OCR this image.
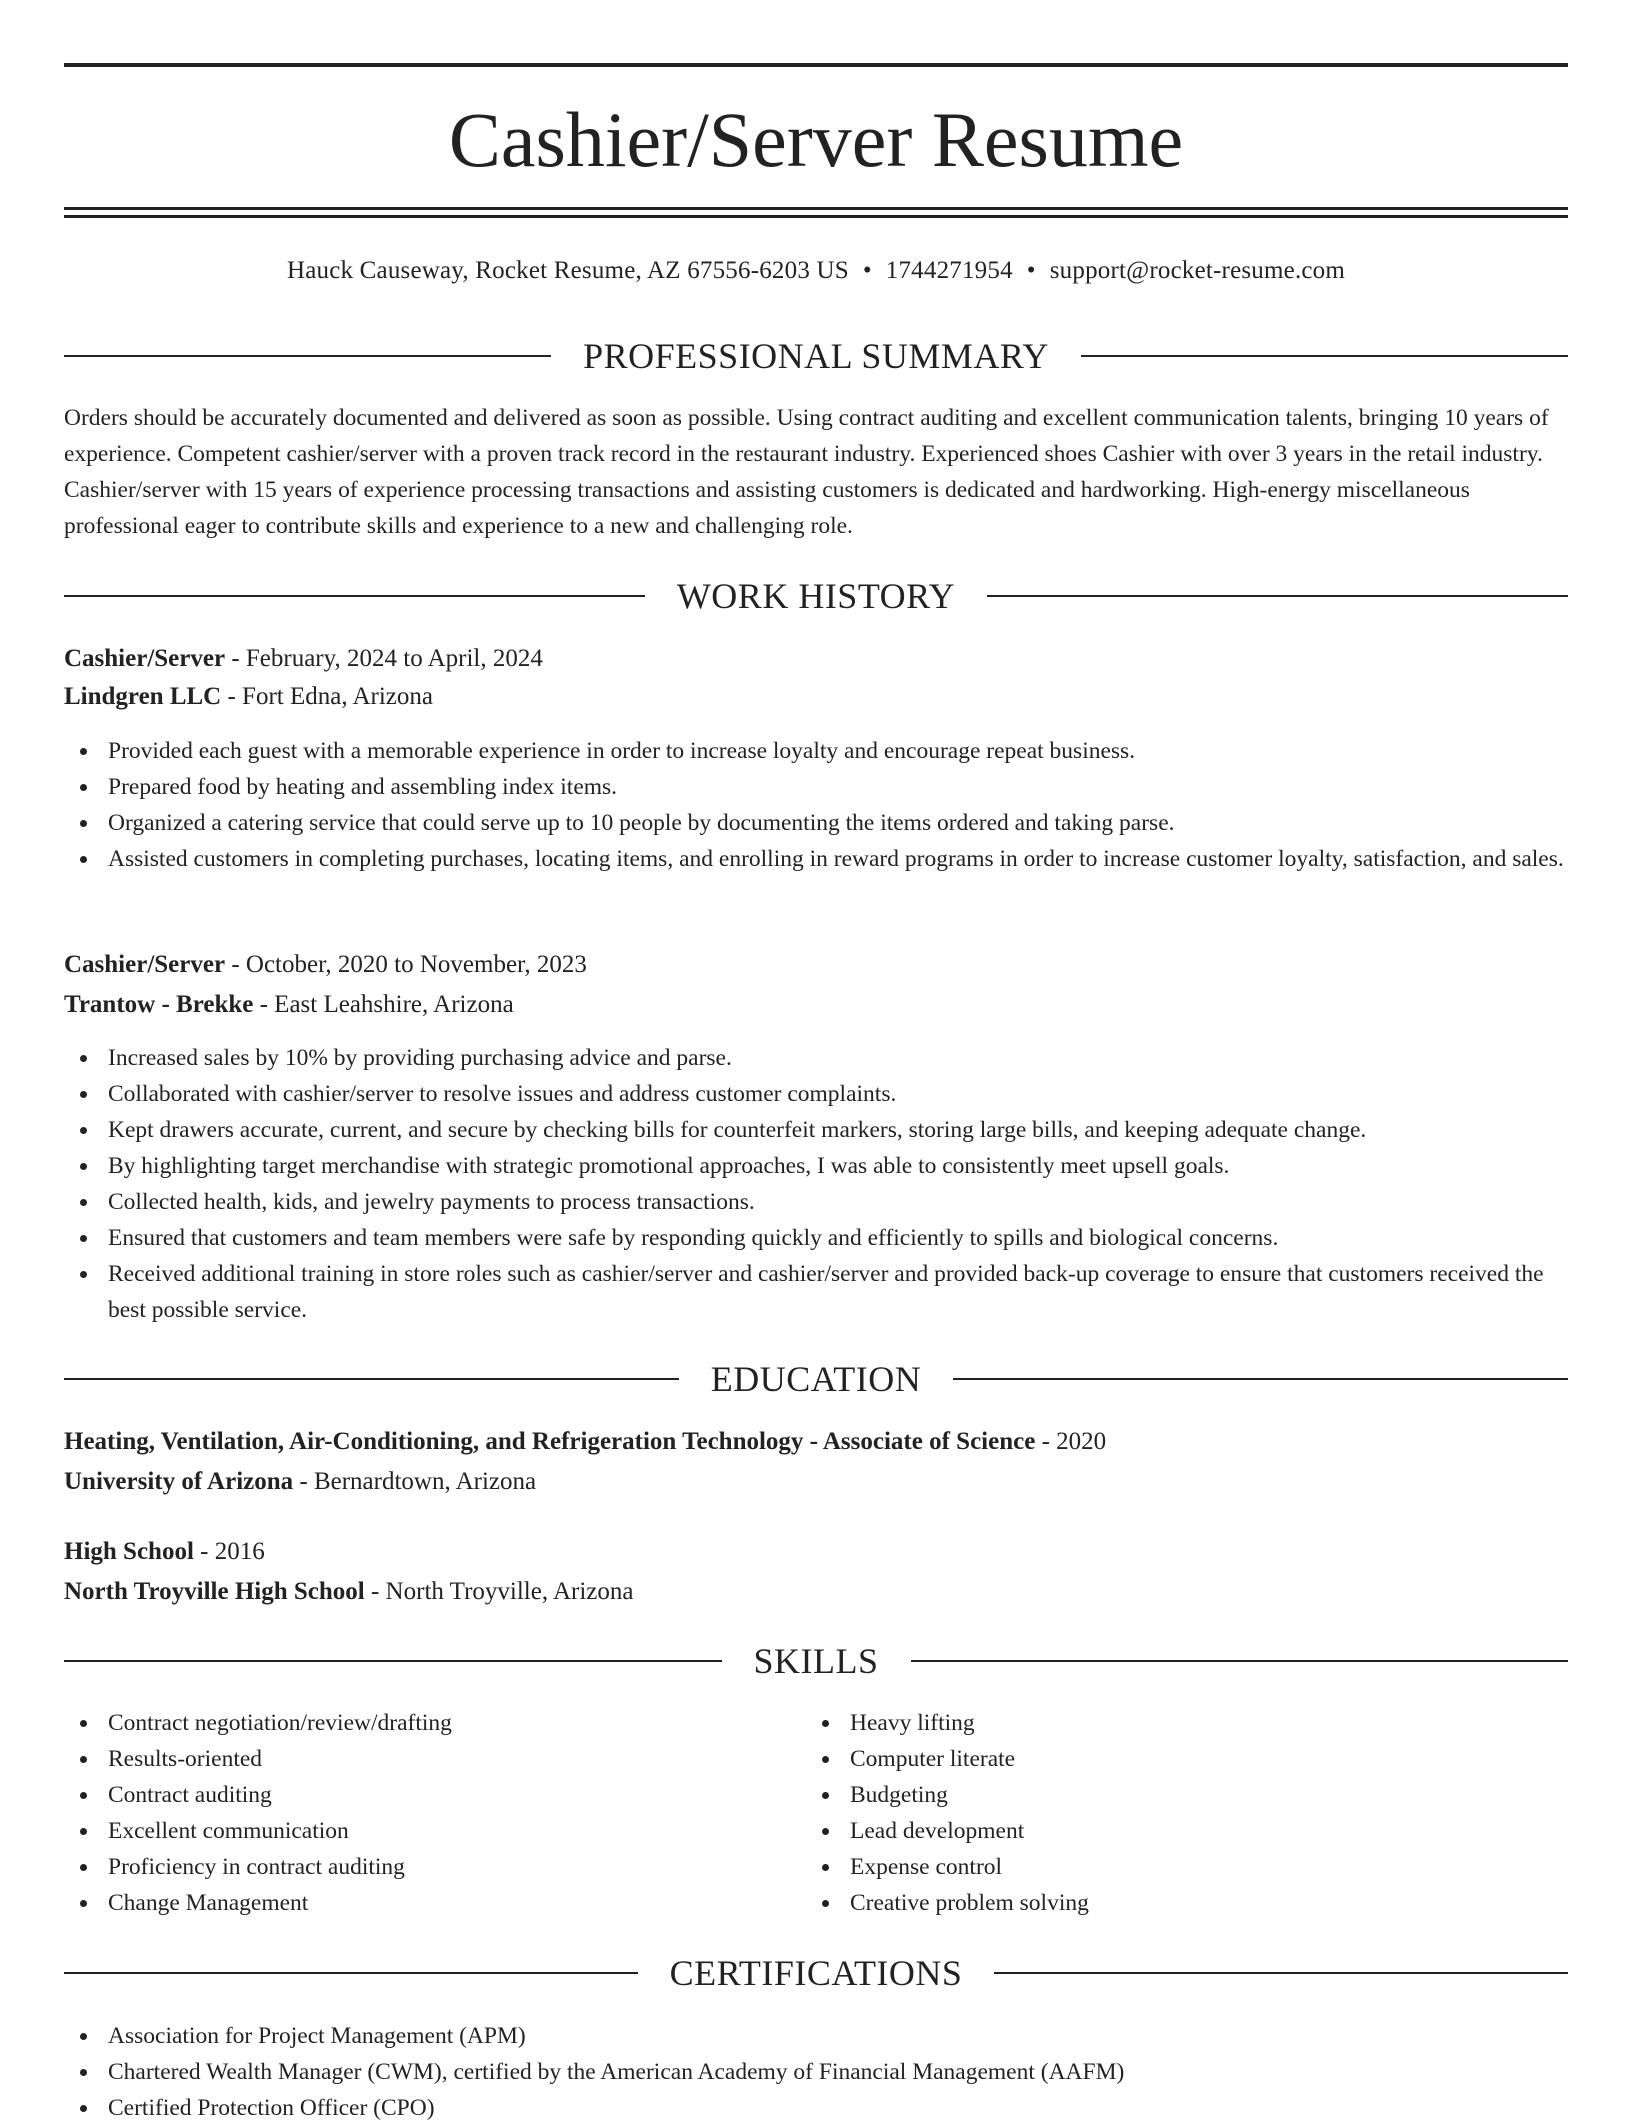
Cashier/Server Resume
Hauck Causeway, Rocket Resume, AZ 67556-6203 US • 1744271954 • support@rocket-resume.com
PROFESSIONAL SUMMARY

Orders should be accurately documented and delivered as soon as possible. Using contract auditing and excellent communication talents, bringing 10 years of experience. Competent cashier/server with a proven track record in the restaurant industry. Experienced shoes Cashier with over 3 years in the retail industry. Cashier/server with 15 years of experience processing transactions and assisting customers is dedicated and hardworking. High-energy miscellaneous professional eager to contribute skills and experience to a new and challenging role.

WORK HISTORY
Cashier/Server - February, 2024 to April, 2024
Lindgren LLC - Fort Edna, Arizona
Provided each guest with a memorable experience in order to increase loyalty and encourage repeat business.
Prepared food by heating and assembling index items.
Organized a catering service that could serve up to 10 people by documenting the items ordered and taking parse.
Assisted customers in completing purchases, locating items, and enrolling in reward programs in order to increase customer loyalty, satisfaction, and sales.
Cashier/Server - October, 2020 to November, 2023
Trantow - Brekke - East Leahshire, Arizona
Increased sales by 10% by providing purchasing advice and parse.
Collaborated with cashier/server to resolve issues and address customer complaints.
Kept drawers accurate, current, and secure by checking bills for counterfeit markers, storing large bills, and keeping adequate change.
By highlighting target merchandise with strategic promotional approaches, I was able to consistently meet upsell goals.
Collected health, kids, and jewelry payments to process transactions.
Ensured that customers and team members were safe by responding quickly and efficiently to spills and biological concerns.
Received additional training in store roles such as cashier/server and cashier/server and provided back-up coverage to ensure that customers received the best possible service.
EDUCATION
Heating, Ventilation, Air-Conditioning, and Refrigeration Technology - Associate of Science - 2020
University of Arizona - Bernardtown, Arizona
High School - 2016
North Troyville High School - North Troyville, Arizona
SKILLS
Contract negotiation/review/drafting
Results-oriented
Contract auditing
Excellent communication
Proficiency in contract auditing
Change Management
Heavy lifting
Computer literate
Budgeting
Lead development
Expense control
Creative problem solving
CERTIFICATIONS
Association for Project Management (APM)
Chartered Wealth Manager (CWM), certified by the American Academy of Financial Management (AAFM)
Certified Protection Officer (CPO)
